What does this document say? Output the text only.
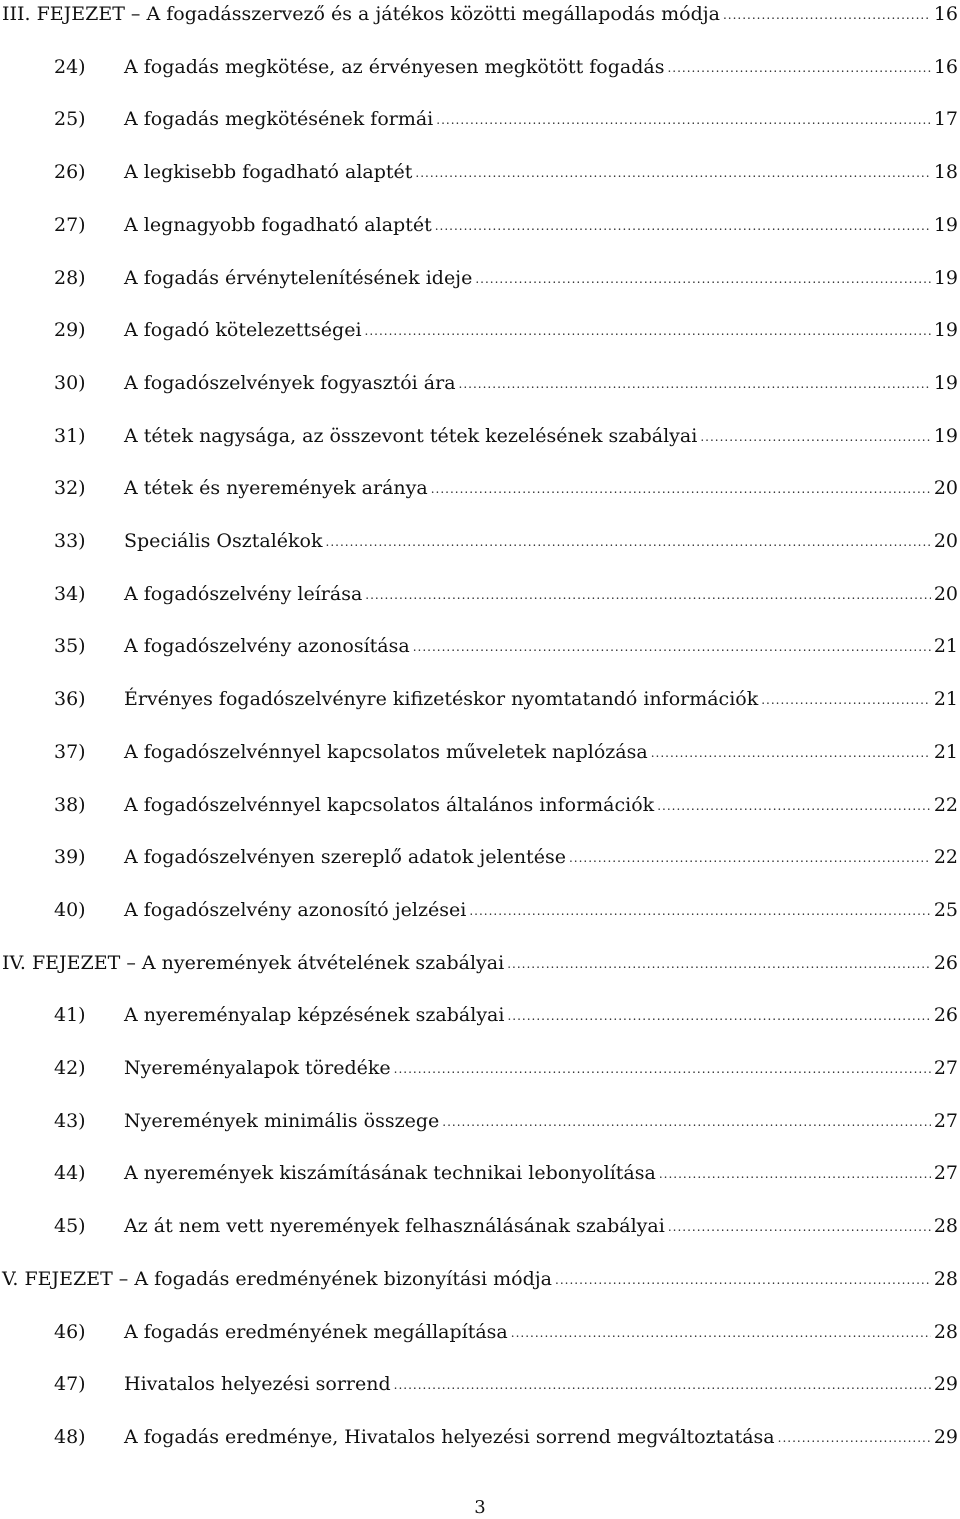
III. FEJEZET – A fogadásszervező és a játékos közötti megállapodás módja .....	16
24)	A fogadás megkötése, az érvényesen megkötött fogadás .....	16
25)	A fogadás megkötésének formái .....	17
26)	A legkisebb fogadható alaptét .....	18
27)	A legnagyobb fogadható alaptét .....	19
28)	A fogadás érvénytelenítésének ideje .....	19
29)	A fogadó kötelezettségei .....	19
30)	A fogadószelvények fogyasztói ára .....	19
31)	A tétek nagysága, az összevont tétek kezelésének szabályai .....	19
32)	A tétek és nyeremények aránya .....	20
33)	Speciális Osztalékok .....	20
34)	A fogadószelvény leírása .....	20
35)	A fogadószelvény azonosítása .....	21
36)	Érvényes fogadószelvényre kifizetéskor nyomtatandó információk .....	21
37)	A fogadószelvénnyel kapcsolatos műveletek naplózása .....	21
38)	A fogadószelvénnyel kapcsolatos általános információk .....	22
39)	A fogadószelvényen szereplő adatok jelentése .....	22
40)	A fogadószelvény azonosító jelzései .....	25
IV. FEJEZET – A nyeremények átvételének szabályai .....	26
41)	A nyereményalap képzésének szabályai .....	26
42)	Nyereményalapok töredéke .....	27
43)	Nyeremények minimális összege .....	27
44)	A nyeremények kiszámításának technikai lebonyolítása .....	27
45)	Az át nem vett nyeremények felhasználásának szabályai .....	28
V. FEJEZET – A fogadás eredményének bizonyítási módja .....	28
46)	A fogadás eredményének megállapítása .....	28
47)	Hivatalos helyezési sorrend .....	29
48)	A fogadás eredménye, Hivatalos helyezési sorrend megváltoztatása .....	29
3
